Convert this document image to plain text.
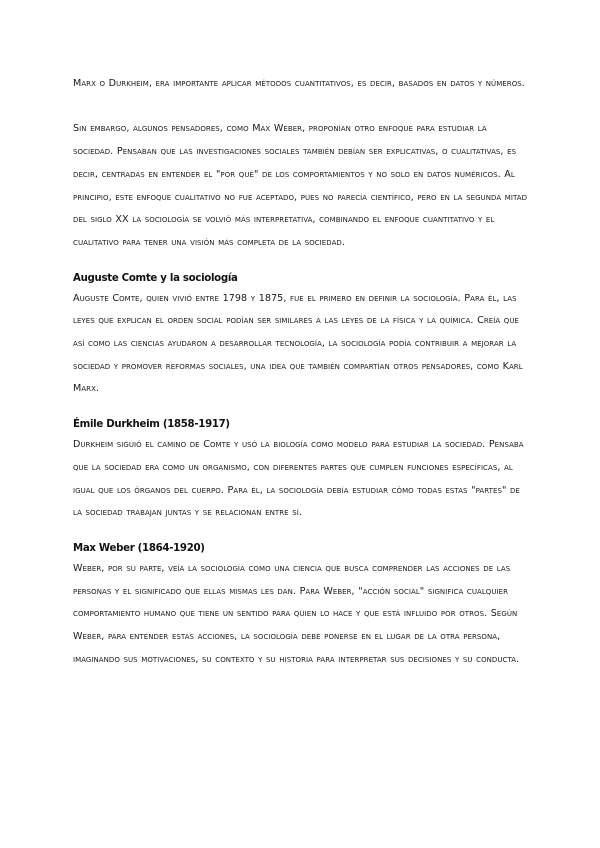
Marx o Durkheim, era importante aplicar métodos cuantitativos, es decir, basados en datos y números.

Sin embargo, algunos pensadores, como Max Weber, proponían otro enfoque para estudiar la sociedad. Pensaban que las investigaciones sociales también debían ser explicativas, o cualitativas, es decir, centradas en entender el "por qué" de los comportamientos y no solo en datos numéricos. Al principio, este enfoque cualitativo no fue aceptado, pues no parecía científico, pero en la segunda mitad del siglo XX la sociología se volvió más interpretativa, combinando el enfoque cuantitativo y el cualitativo para tener una visión más completa de la sociedad.

Auguste Comte y la sociología

Auguste Comte, quien vivió entre 1798 y 1875, fue el primero en definir la sociología. Para él, las leyes que explican el orden social podían ser similares a las leyes de la física y la química. Creía que así como las ciencias ayudaron a desarrollar tecnología, la sociología podía contribuir a mejorar la sociedad y promover reformas sociales, una idea que también compartían otros pensadores, como Karl Marx.

Émile Durkheim (1858-1917)

Durkheim siguió el camino de Comte y usó la biología como modelo para estudiar la sociedad. Pensaba que la sociedad era como un organismo, con diferentes partes que cumplen funciones específicas, al igual que los órganos del cuerpo. Para él, la sociología debía estudiar cómo todas estas "partes" de la sociedad trabajan juntas y se relacionan entre sí.

Max Weber (1864-1920)

Weber, por su parte, veía la sociología como una ciencia que busca comprender las acciones de las personas y el significado que ellas mismas les dan. Para Weber, "acción social" significa cualquier comportamiento humano que tiene un sentido para quien lo hace y que está influido por otros. Según Weber, para entender estas acciones, la sociología debe ponerse en el lugar de la otra persona, imaginando sus motivaciones, su contexto y su historia para interpretar sus decisiones y su conducta.
